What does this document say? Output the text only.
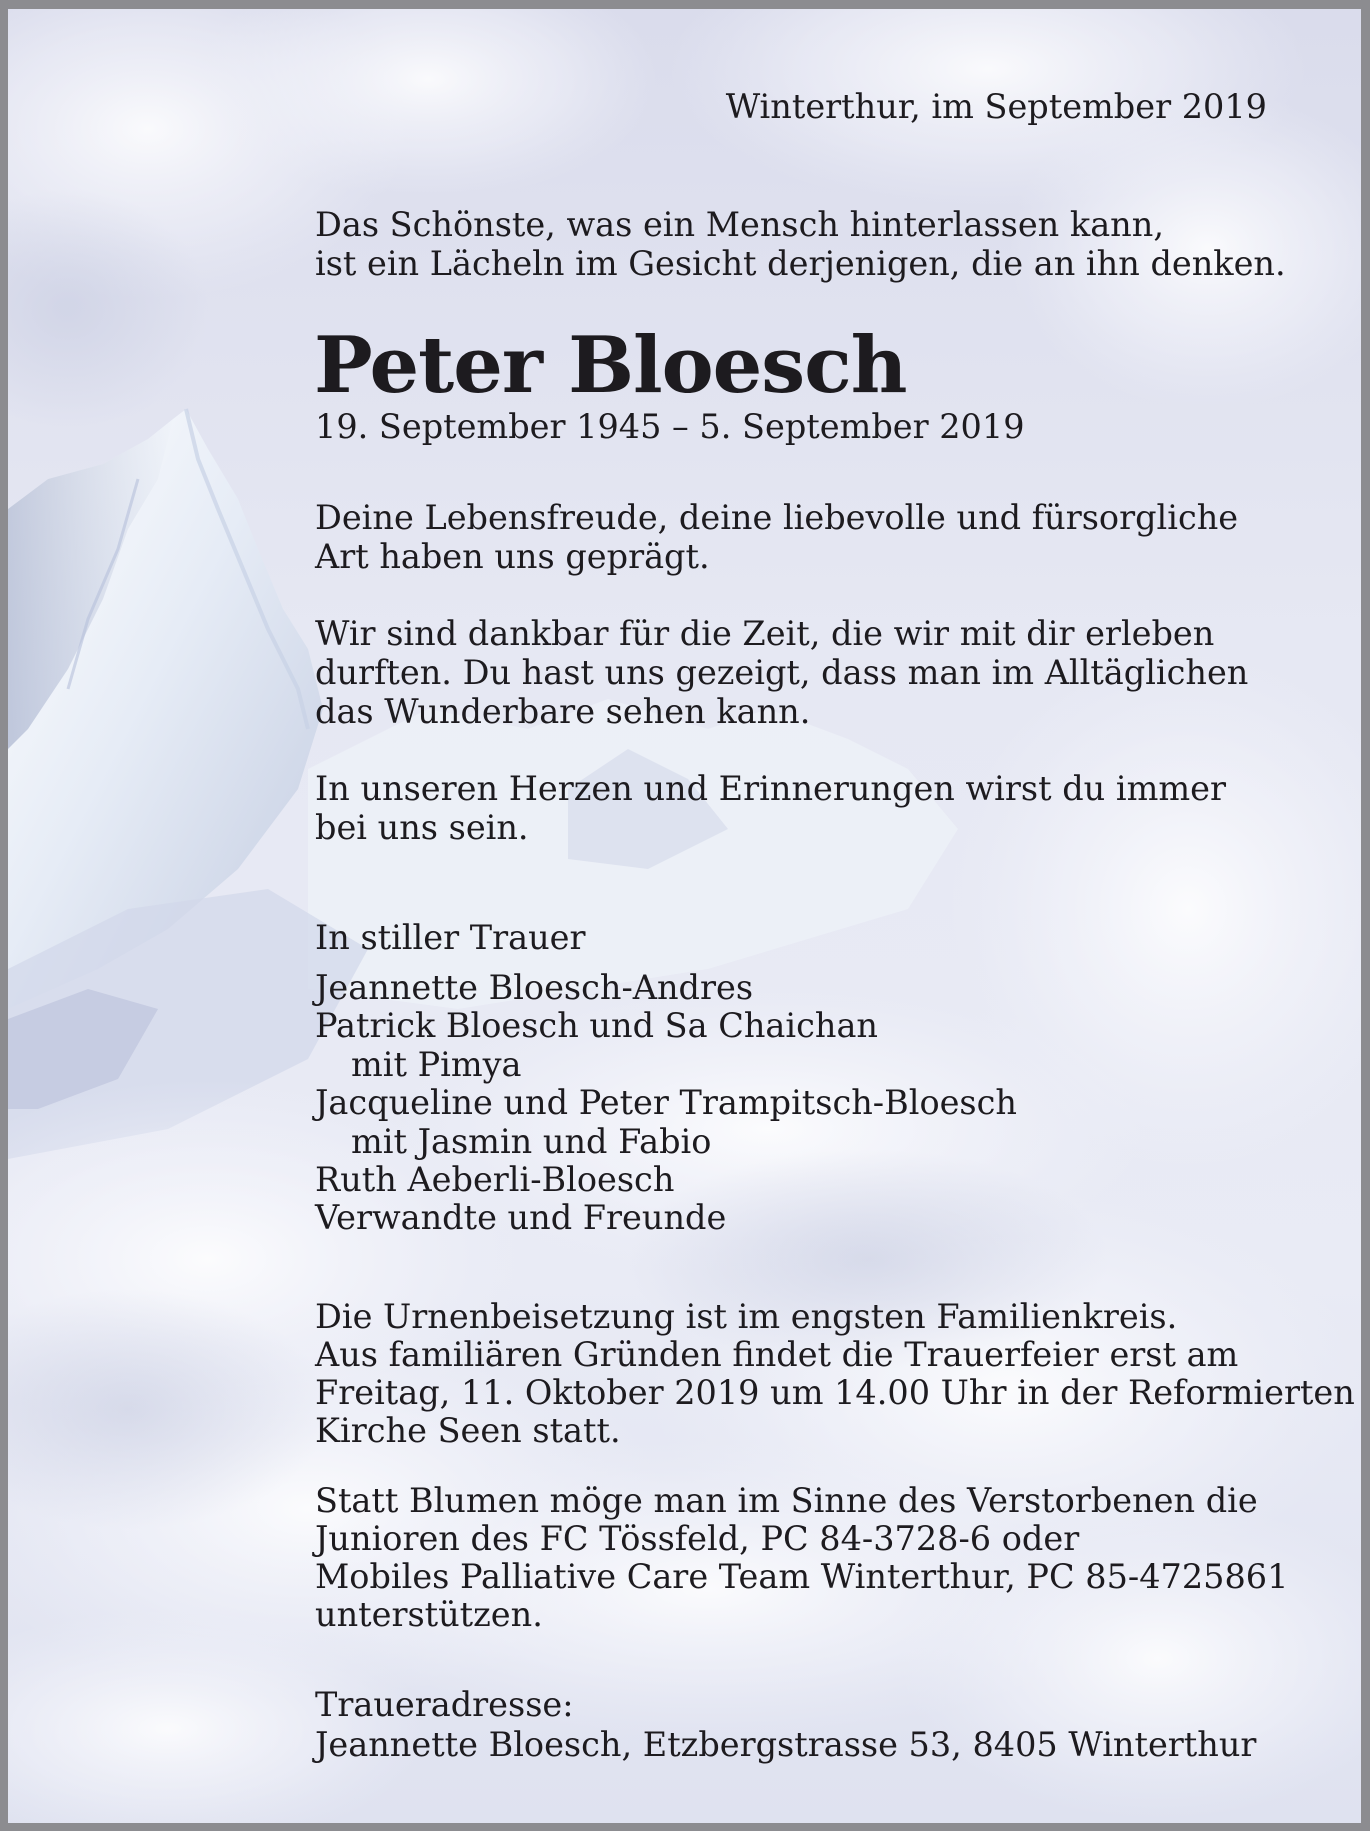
Winterthur, im September 2019

Das Schönste, was ein Mensch hinterlassen kann,

ist ein Lächeln im Gesicht derjenigen, die an ihn denken.

Peter Bloesch
19. September 1945 – 5. September 2019

Deine Lebensfreude, deine liebevolle und fürsorgliche
Art haben uns geprägt.

Wir sind dankbar für die Zeit, die wir mit dir erleben
durften. Du hast uns gezeigt, dass man im Alltäglichen
das Wunderbare sehen kann.

In unseren Herzen und Erinnerungen wirst du immer
bei uns sein.

In stiller Trauer

Jeannette Bloesch-Andres

Patrick Bloesch und Sa Chaichan

mit Pimya

Jacqueline und Peter Trampitsch-Bloesch

mit Jasmin und Fabio

Ruth Aeberli-Bloesch

Verwandte und Freunde

Die Urnenbeisetzung ist im engsten Familienkreis.

Aus familiären Gründen findet die Trauerfeier erst am

Freitag, 11. Oktober 2019 um 14.00 Uhr in der Reformierten

Kirche Seen statt.

Statt Blumen möge man im Sinne des Verstorbenen die

Junioren des FC Tössfeld, PC 84-3728-6 oder

Mobiles Palliative Care Team Winterthur, PC 85-4725861

unterstützen.

Traueradresse:

Jeannette Bloesch, Etzbergstrasse 53, 8405 Winterthur
